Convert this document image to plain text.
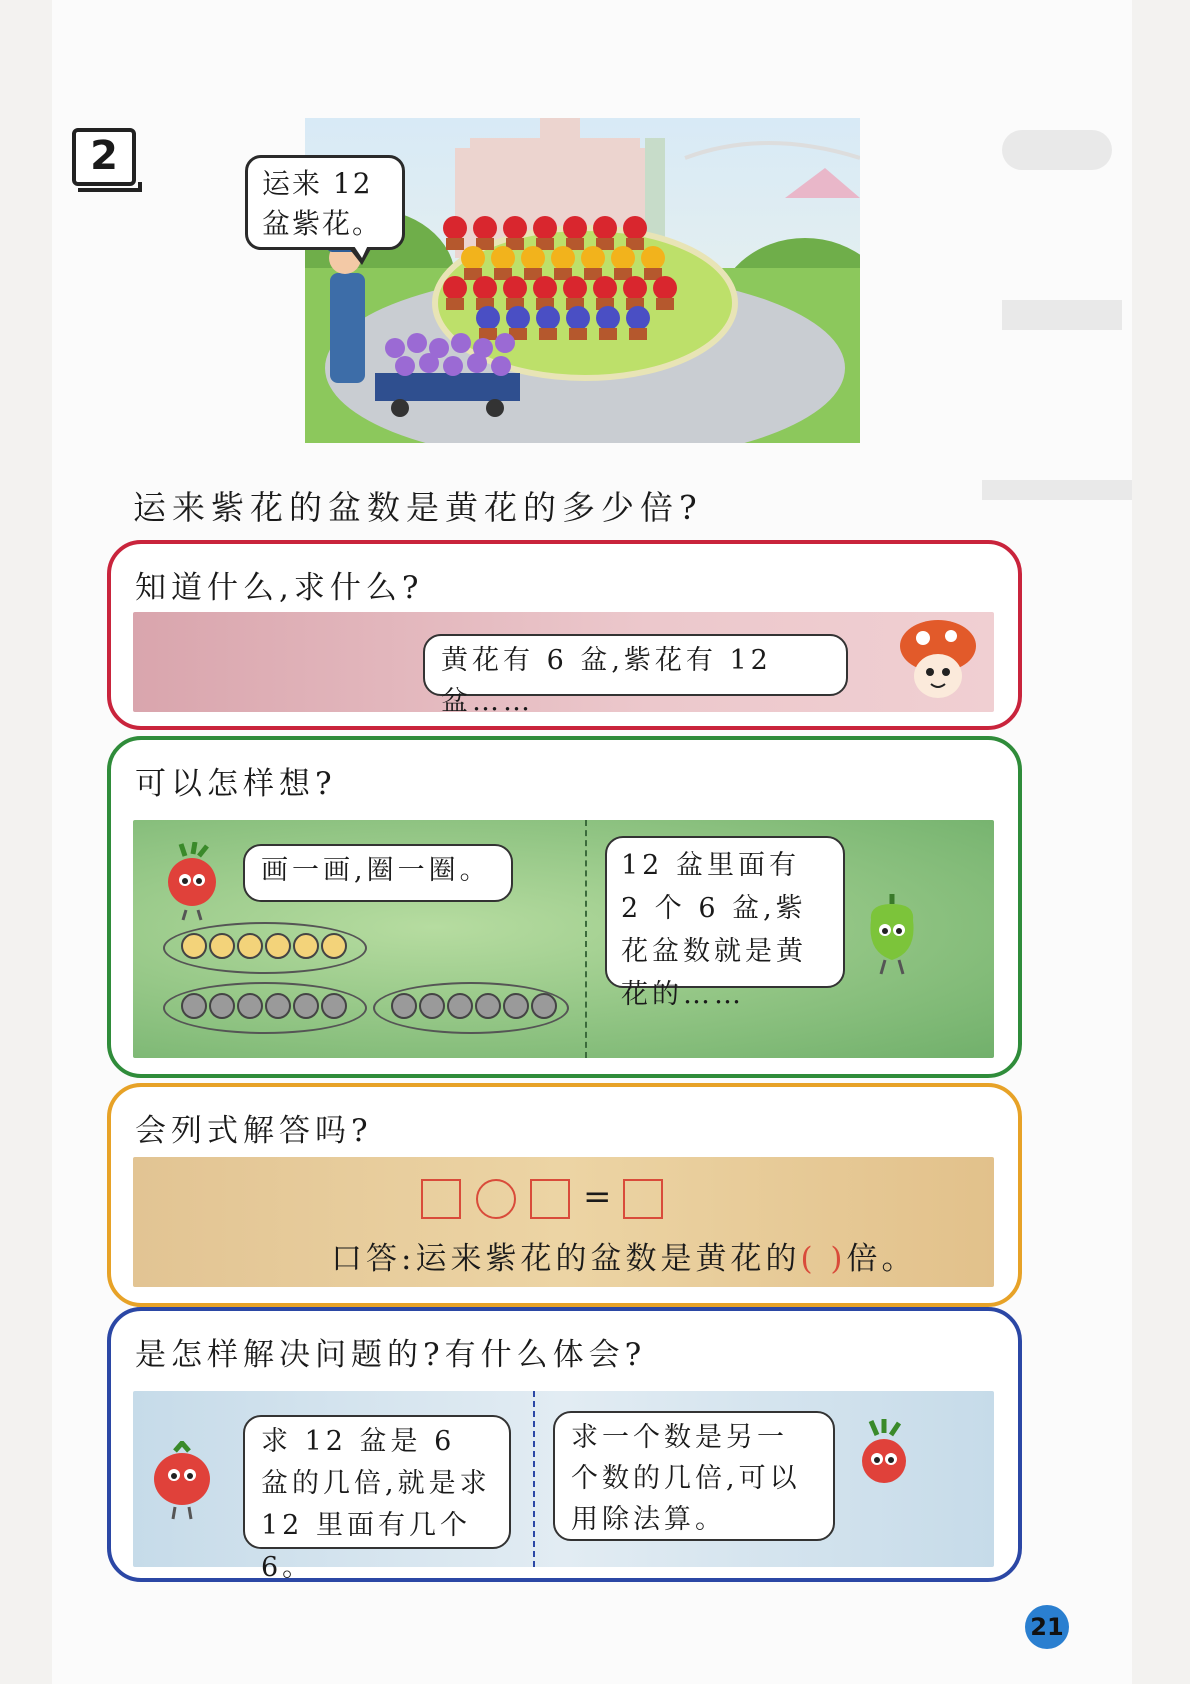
2
运来 12 盆紫花。
运来紫花的盆数是黄花的多少倍?
知道什么,求什么?
黄花有 6 盆,紫花有 12 盆……
可以怎样想?
画一画,圈一圈。	12 盆里面有 2 个 6 盆,紫花盆数就是黄花的……
会列式解答吗?
=
口答:运来紫花的盆数是黄花的( )倍。
是怎样解决问题的?有什么体会?
求 12 盆是 6 盆的几倍,就是求 12 里面有几个 6。
求一个数是另一个数的几倍,可以用除法算。
21
